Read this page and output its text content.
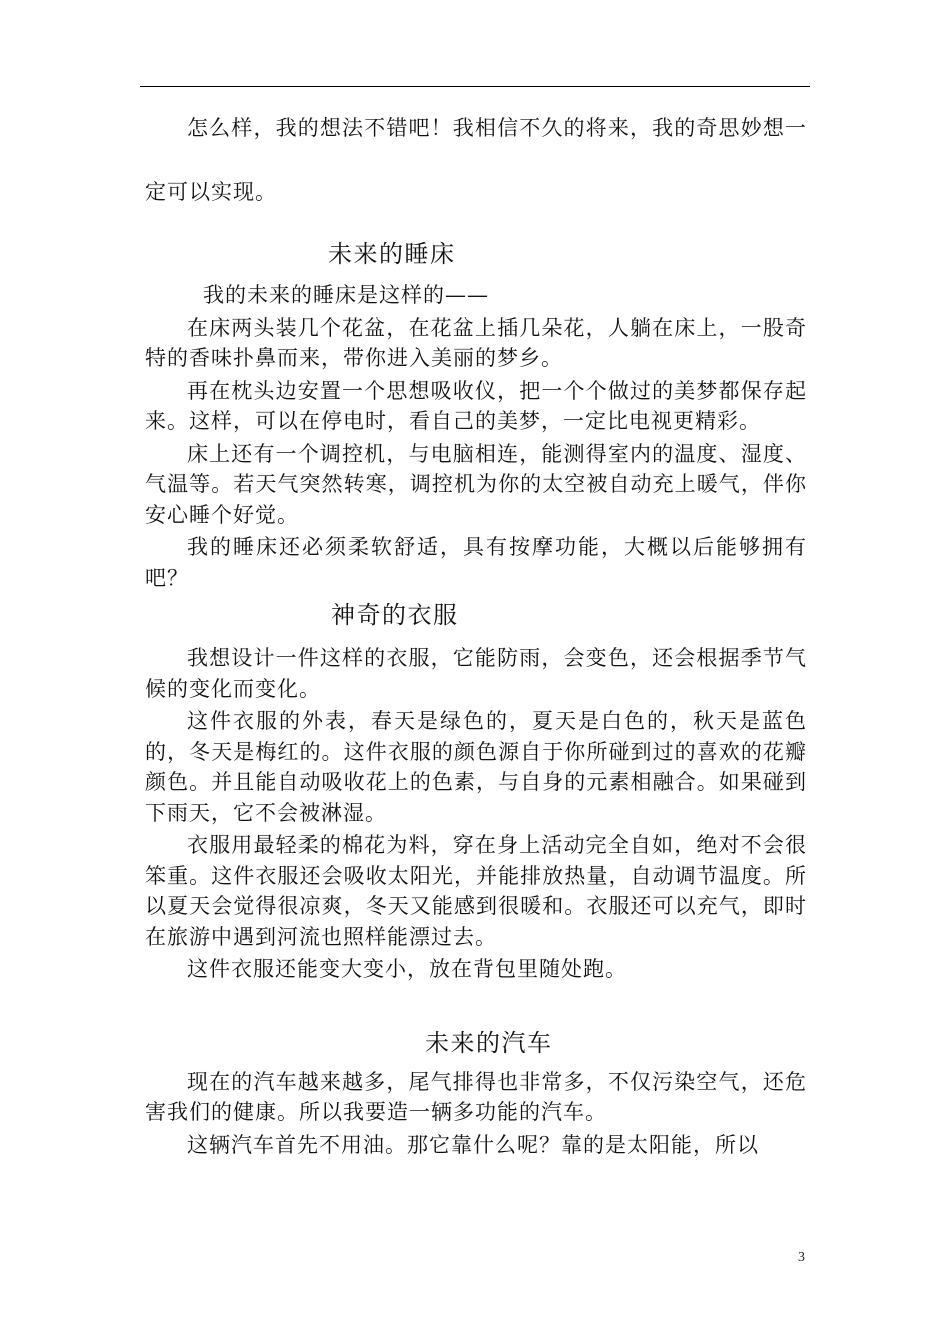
怎么样，我的想法不错吧！我相信不久的将来，我的奇思妙想一定可以实现。

未来的睡床

我的未来的睡床是这样的——

在床两头装几个花盆，在花盆上插几朵花，人躺在床上，一股奇特的香味扑鼻而来，带你进入美丽的梦乡。

再在枕头边安置一个思想吸收仪，把一个个做过的美梦都保存起来。这样，可以在停电时，看自己的美梦，一定比电视更精彩。

床上还有一个调控机，与电脑相连，能测得室内的温度、湿度、气温等。若天气突然转寒，调控机为你的太空被自动充上暖气，伴你安心睡个好觉。

我的睡床还必须柔软舒适，具有按摩功能，大概以后能够拥有吧？

神奇的衣服

我想设计一件这样的衣服，它能防雨，会变色，还会根据季节气候的变化而变化。

这件衣服的外表，春天是绿色的，夏天是白色的，秋天是蓝色的，冬天是梅红的。这件衣服的颜色源自于你所碰到过的喜欢的花瓣颜色。并且能自动吸收花上的色素，与自身的元素相融合。如果碰到下雨天，它不会被淋湿。

衣服用最轻柔的棉花为料，穿在身上活动完全自如，绝对不会很笨重。这件衣服还会吸收太阳光，并能排放热量，自动调节温度。所以夏天会觉得很凉爽，冬天又能感到很暖和。衣服还可以充气，即时在旅游中遇到河流也照样能漂过去。

这件衣服还能变大变小，放在背包里随处跑。

未来的汽车

现在的汽车越来越多，尾气排得也非常多，不仅污染空气，还危害我们的健康。所以我要造一辆多功能的汽车。

这辆汽车首先不用油。那它靠什么呢？靠的是太阳能，所以

3
